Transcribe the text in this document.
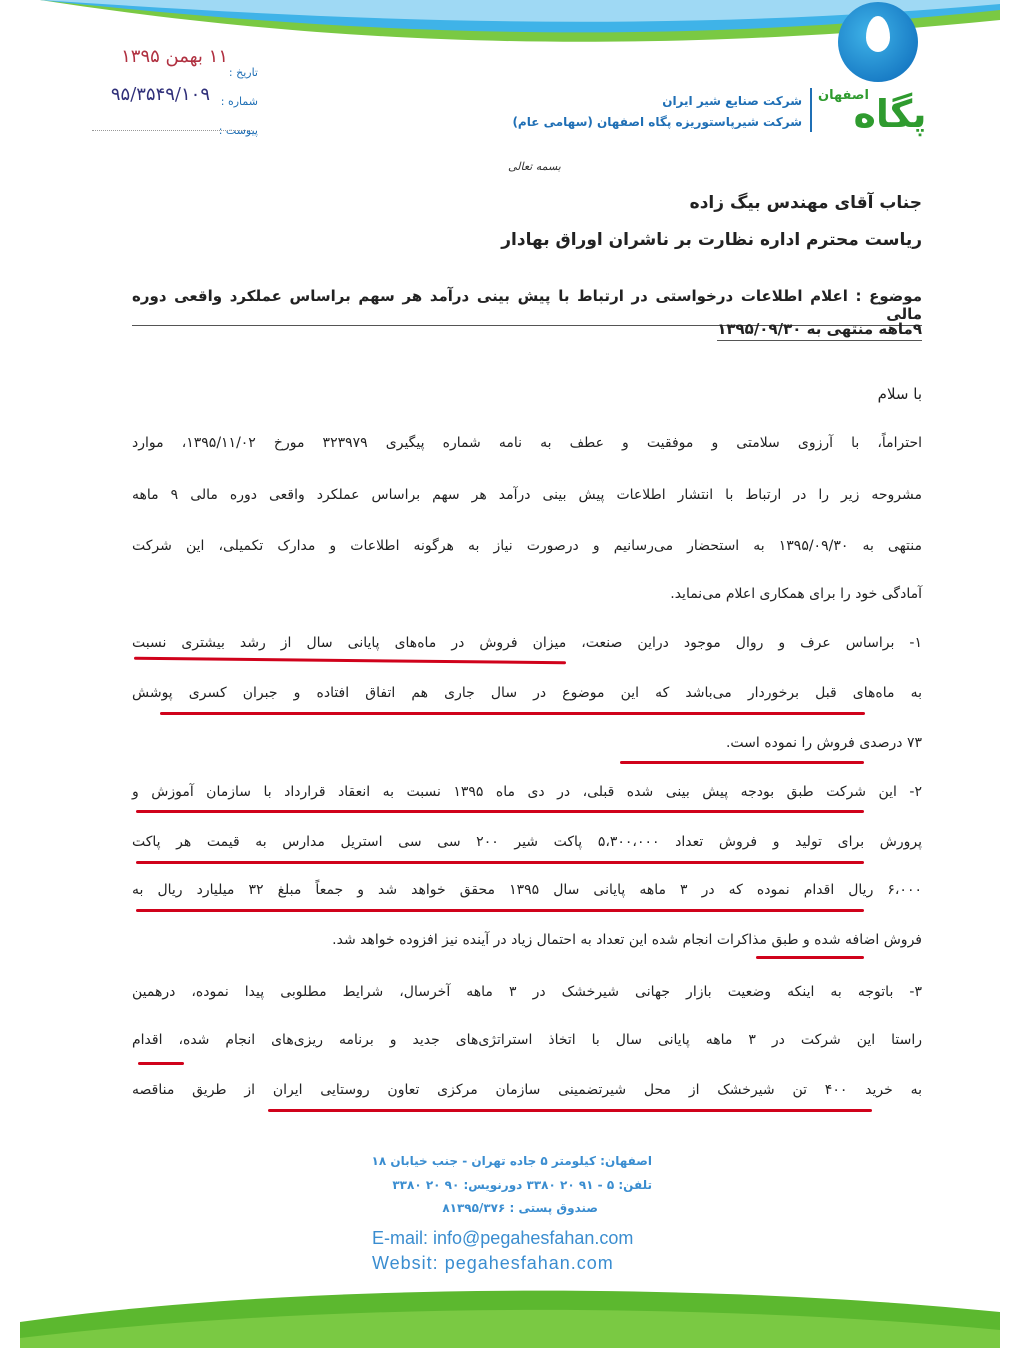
پگاه
اصفهان
شرکت صنایع شیر ایران
شرکت شیرپاستوریزه پگاه اصفهان (سهامی عام)
تاریخ :
۱۱ بهمن ۱۳۹۵
شماره :
۹۵/۳۵۴۹/۱۰۹
پیوست :
بسمه تعالی
جناب آقای مهندس بیگ زاده
ریاست محترم اداره نظارت بر ناشران اوراق بهادار
موضوع : اعلام اطلاعات درخواستی در ارتباط با پیش بینی درآمد هر سهم براساس عملکرد واقعی دوره مالی
۹ماهه منتهی به ۱۳۹۵/۰۹/۳۰
با سلام
احتراماً، با آرزوی سلامتی و موفقیت و عطف به نامه شماره پیگیری ۳۲۳۹۷۹ مورخ ۱۳۹۵/۱۱/۰۲، موارد
مشروحه زیر را در ارتباط با انتشار اطلاعات پیش بینی درآمد هر سهم براساس عملکرد واقعی دوره مالی ۹ ماهه
منتهی به ۱۳۹۵/۰۹/۳۰ به استحضار می‌رسانیم و درصورت نیاز به هرگونه اطلاعات و مدارک تکمیلی، این شرکت
آمادگی خود را برای همکاری اعلام می‌نماید.
۱- براساس عرف و روال موجود دراین صنعت، میزان فروش در ماه‌های پایانی سال از رشد بیشتری نسبت
به ماه‌های قبل برخوردار می‌باشد که این موضوع در سال جاری هم اتفاق افتاده و جبران کسری پوشش
۷۳ درصدی فروش را نموده است.
۲- این شرکت طبق بودجه پیش بینی شده قبلی، در دی ماه ۱۳۹۵ نسبت به انعقاد قرارداد با سازمان آموزش و
پرورش برای تولید و فروش تعداد ۵،۳۰۰،۰۰۰ پاکت شیر ۲۰۰ سی سی استریل مدارس به قیمت هر پاکت
۶،۰۰۰ ریال اقدام نموده که در ۳ ماهه پایانی سال ۱۳۹۵ محقق خواهد شد و جمعاً مبلغ ۳۲ میلیارد ریال به
فروش اضافه شده و طبق مذاکرات انجام شده این تعداد به احتمال زیاد در آینده نیز افزوده خواهد شد.
۳- باتوجه به اینکه وضعیت بازار جهانی شیرخشک در ۳ ماهه آخرسال، شرایط مطلوبی پیدا نموده، درهمین
راستا این شرکت در ۳ ماهه پایانی سال با اتخاذ استراتژی‌های جدید و برنامه ریزی‌های انجام شده، اقدام
به خرید ۴۰۰ تن شیرخشک از محل شیرتضمینی سازمان مرکزی تعاون روستایی ایران از طریق مناقصه
اصفهان: کیلومتر ۵ جاده تهران - جنب خیابان ۱۸
تلفن: ۵ - ۹۱ ۲۰ ۳۳۸۰ دورنویس: ۹۰ ۲۰ ۳۳۸۰
صندوق پستی : ۸۱۳۹۵/۳۷۶
E-mail: info@pegahesfahan.com
Websit: pegahesfahan.com
